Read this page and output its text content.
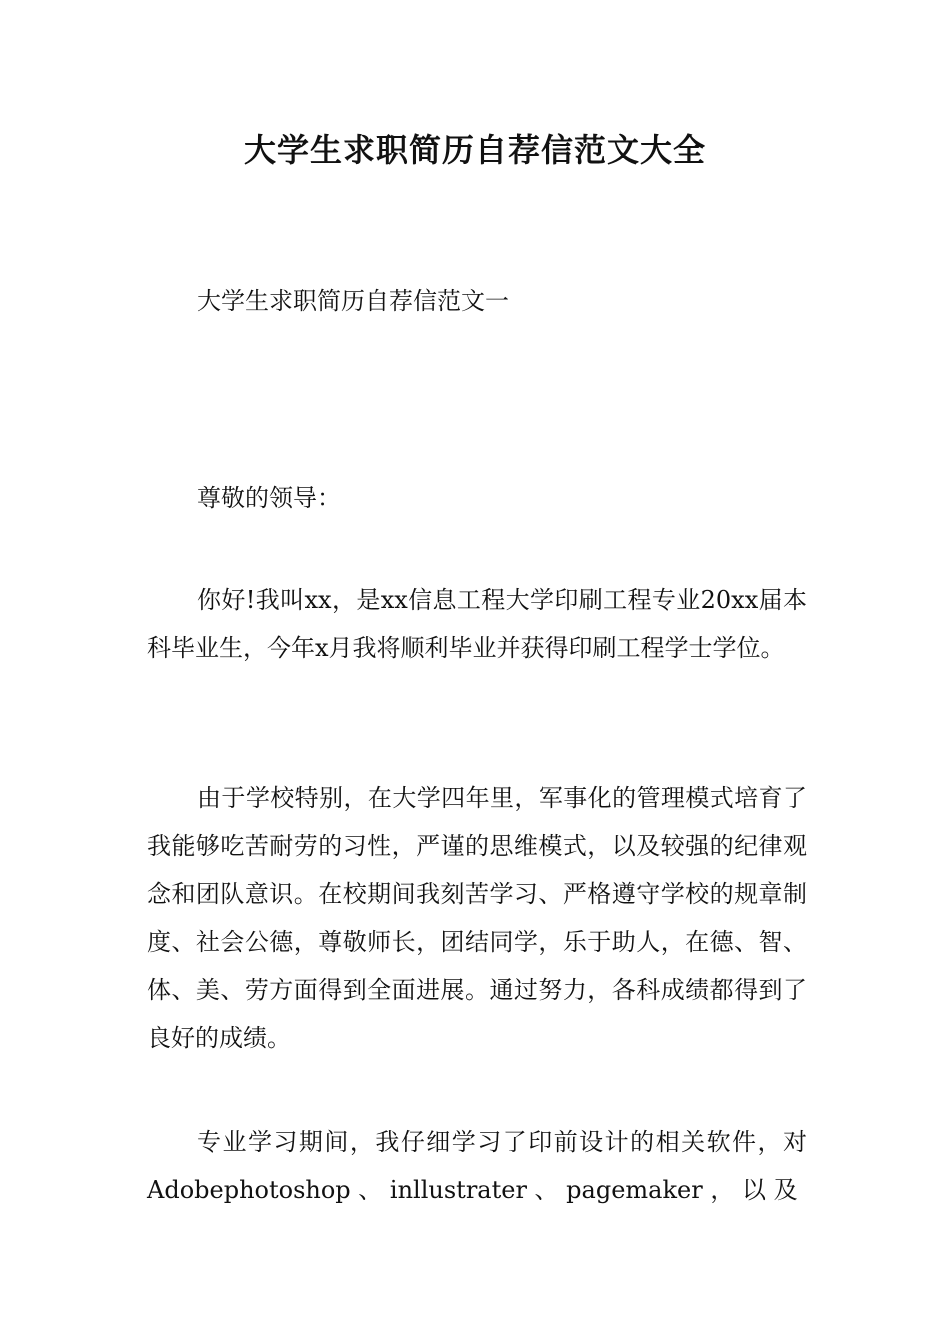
大学生求职简历自荐信范文大全

大学生求职简历自荐信范文一

尊敬的领导：

你好!我叫xx，是xx信息工程大学印刷工程专业20xx届本科毕业生，今年x月我将顺利毕业并获得印刷工程学士学位。

由于学校特别，在大学四年里，军事化的管理模式培育了我能够吃苦耐劳的习性，严谨的思维模式，以及较强的纪律观念和团队意识。在校期间我刻苦学习、严格遵守学校的规章制度、社会公德，尊敬师长，团结同学，乐于助人，在德、智、体、美、劳方面得到全面进展。通过努力，各科成绩都得到了良好的成绩。

专业学习期间，我仔细学习了印前设计的相关软件，对 Adobephotoshop 、 inllustrater 、 pagemaker ， 以 及
